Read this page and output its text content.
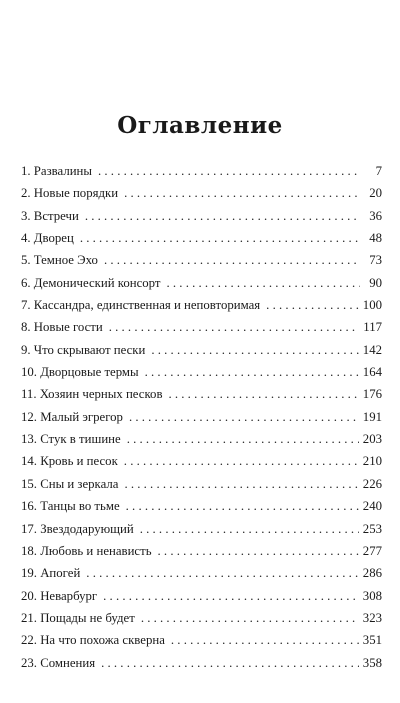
Оглавление
1. Развалины . . .	7
2. Новые порядки . . .	20
3. Встречи . . .	36
4. Дворец . . .	48
5. Темное Эхо . . .	73
6. Демонический консорт . . .	90
7. Кассандра, единственная и неповторимая . . .	100
8. Новые гости . . .	117
9. Что скрывают пески . . .	142
10. Дворцовые термы . . .	164
11. Хозяин черных песков . . .	176
12. Малый эгрегор . . .	191
13. Стук в тишине . . .	203
14. Кровь и песок . . .	210
15. Сны и зеркала . . .	226
16. Танцы во тьме . . .	240
17. Звездодарующий . . .	253
18. Любовь и ненависть . . .	277
19. Апогей . . .	286
20. Неварбург . . .	308
21. Пощады не будет . . .	323
22. На что похожа скверна . . .	351
23. Сомнения . . .	358
